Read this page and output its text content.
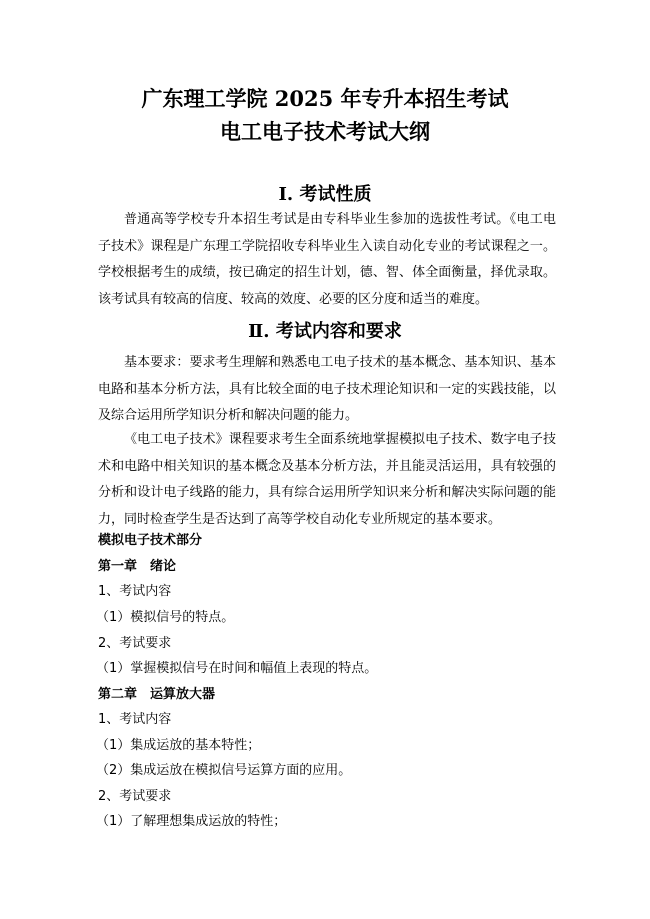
广东理工学院 2025 年专升本招生考试
电工电子技术考试大纲
Ⅰ. 考试性质

普通高等学校专升本招生考试是由专科毕业生参加的选拔性考试。《电工电子技术》课程是广东理工学院招收专科毕业生入读自动化专业的考试课程之一。学校根据考生的成绩，按已确定的招生计划，德、智、体全面衡量，择优录取。该考试具有较高的信度、较高的效度、必要的区分度和适当的难度。

Ⅱ. 考试内容和要求

基本要求：要求考生理解和熟悉电工电子技术的基本概念、基本知识、基本电路和基本分析方法，具有比较全面的电子技术理论知识和一定的实践技能，以及综合运用所学知识分析和解决问题的能力。

《电工电子技术》课程要求考生全面系统地掌握模拟电子技术、数字电子技术和电路中相关知识的基本概念及基本分析方法，并且能灵活运用，具有较强的分析和设计电子线路的能力，具有综合运用所学知识来分析和解决实际问题的能力，同时检查学生是否达到了高等学校自动化专业所规定的基本要求。

模拟电子技术部分
第一章　绪论
1、考试内容
（1）模拟信号的特点。
2、考试要求
（1）掌握模拟信号在时间和幅值上表现的特点。
第二章　运算放大器
1、考试内容
（1）集成运放的基本特性；
（2）集成运放在模拟信号运算方面的应用。
2、考试要求
（1）了解理想集成运放的特性；
